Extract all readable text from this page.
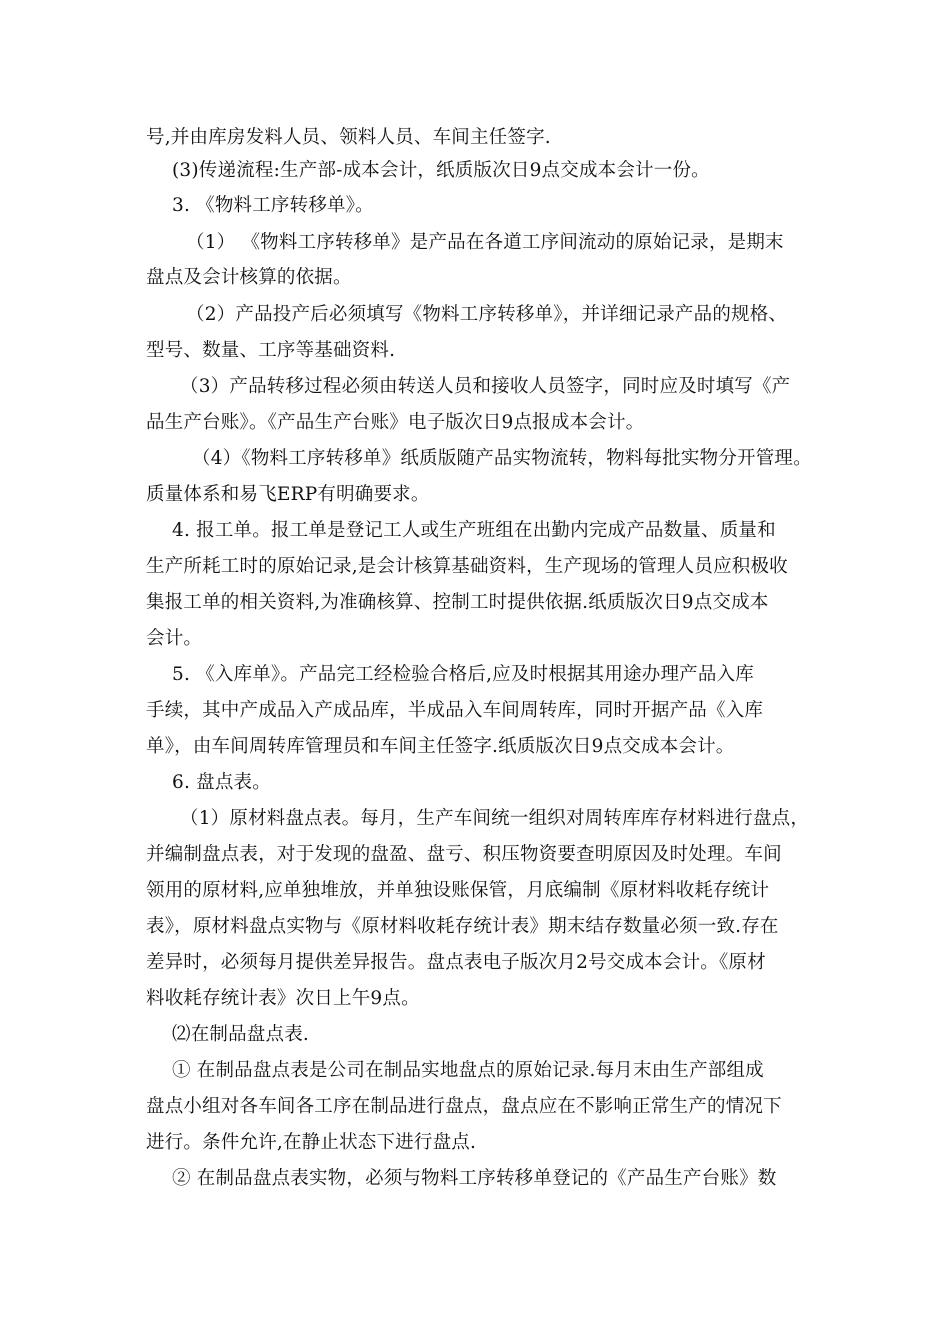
号,并由库房发料人员、领料人员、车间主任签字.
(3)传递流程:生产部-成本会计，纸质版次日9点交成本会计一份。
3. 《物料工序转移单》。
（1） 《物料工序转移单》是产品在各道工序间流动的原始记录，是期末
盘点及会计核算的依据。
（2）产品投产后必须填写《物料工序转移单》，并详细记录产品的规格、
型号、数量、工序等基础资料.
（3）产品转移过程必须由转送人员和接收人员签字，同时应及时填写《产
品生产台账》。《产品生产台账》电子版次日9点报成本会计。
（4）《物料工序转移单》纸质版随产品实物流转，物料每批实物分开管理。
质量体系和易飞ERP有明确要求。
4. 报工单。报工单是登记工人或生产班组在出勤内完成产品数量、质量和
生产所耗工时的原始记录,是会计核算基础资料，生产现场的管理人员应积极收
集报工单的相关资料,为准确核算、控制工时提供依据.纸质版次日9点交成本
会计。
5. 《入库单》。产品完工经检验合格后,应及时根据其用途办理产品入库
手续，其中产成品入产成品库，半成品入车间周转库，同时开据产品《入库
单》，由车间周转库管理员和车间主任签字.纸质版次日9点交成本会计。
6. 盘点表。
（1）原材料盘点表。每月，生产车间统一组织对周转库库存材料进行盘点，
并编制盘点表，对于发现的盘盈、盘亏、积压物资要查明原因及时处理。车间
领用的原材料,应单独堆放，并单独设账保管，月底编制《原材料收耗存统计
表》，原材料盘点实物与《原材料收耗存统计表》期末结存数量必须一致.存在
差异时，必须每月提供差异报告。盘点表电子版次月2号交成本会计。《原材
料收耗存统计表》次日上午9点。
⑵在制品盘点表.
① 在制品盘点表是公司在制品实地盘点的原始记录.每月末由生产部组成
盘点小组对各车间各工序在制品进行盘点，盘点应在不影响正常生产的情况下
进行。条件允许,在静止状态下进行盘点.
② 在制品盘点表实物，必须与物料工序转移单登记的《产品生产台账》数
